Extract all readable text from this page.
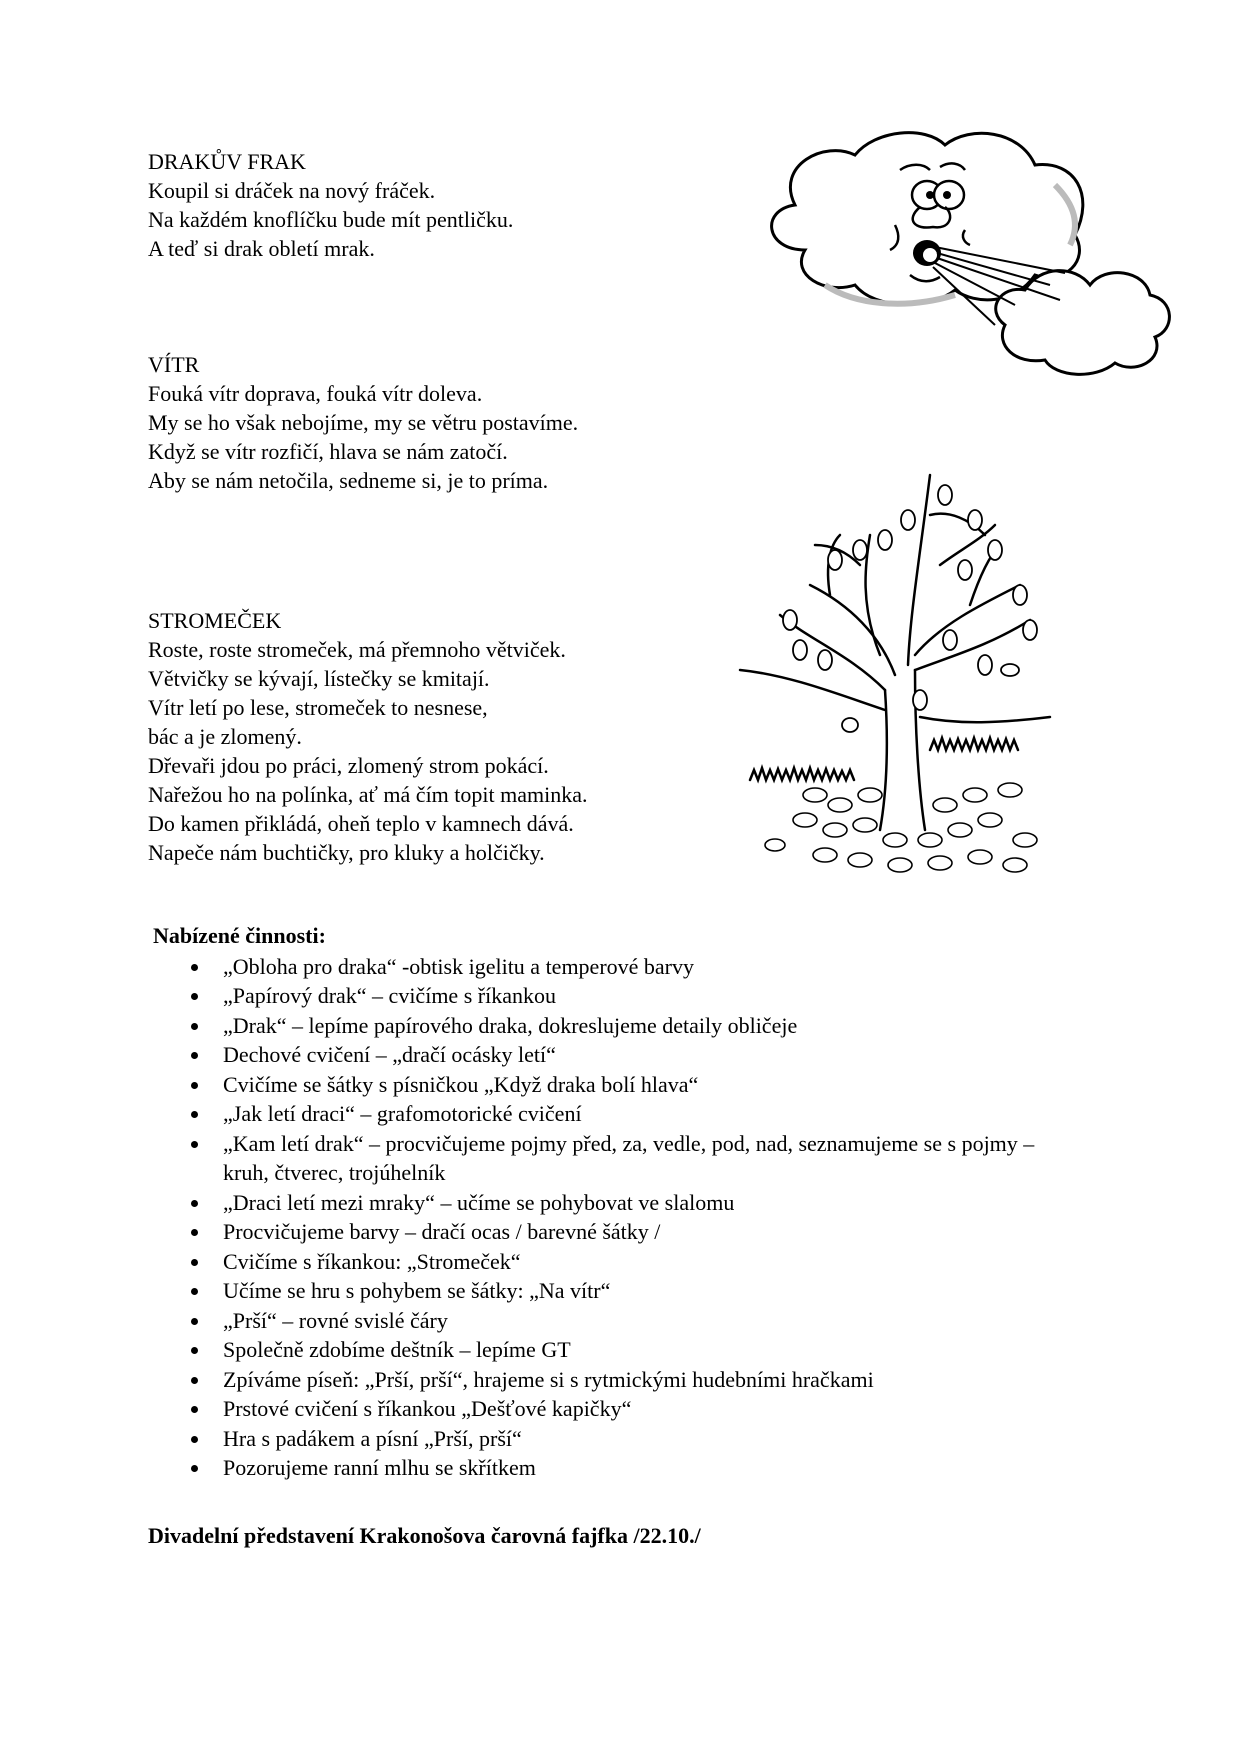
DRAKŮV FRAK
Koupil si dráček na nový fráček.
Na každém knoflíčku bude mít pentličku.
A teď si drak obletí mrak.
VÍTR
Fouká vítr doprava, fouká vítr doleva.
My se ho však nebojíme, my se větru postavíme.
Když se vítr rozfičí, hlava se nám zatočí.
Aby se nám netočila, sedneme si, je to príma.
STROMEČEK
Roste, roste stromeček, má přemnoho větviček.
Větvičky se kývají, lístečky se kmitají.
Vítr letí po lese, stromeček to nesnese,
bác a je zlomený.
Dřevaři jdou po práci, zlomený strom pokácí.
Nařežou ho na polínka, ať má čím topit maminka.
Do kamen přikládá, oheň teplo v kamnech dává.
Napeče nám buchtičky, pro kluky a holčičky.
Nabízené činnosti:
„Obloha pro draka“ -obtisk igelitu a temperové barvy
„Papírový drak“ – cvičíme s říkankou
„Drak“ – lepíme papírového draka, dokreslujeme detaily obličeje
Dechové cvičení – „dračí ocásky letí“
Cvičíme se šátky s písničkou „Když draka bolí hlava“
„Jak letí draci“ – grafomotorické cvičení
„Kam letí drak“ – procvičujeme pojmy před, za, vedle, pod, nad, seznamujeme se s pojmy – kruh, čtverec, trojúhelník
„Draci letí mezi mraky“ – učíme se pohybovat ve slalomu
Procvičujeme barvy – dračí ocas / barevné šátky /
Cvičíme s říkankou: „Stromeček“
Učíme se hru s pohybem se šátky: „Na vítr“
„Prší“ – rovné svislé čáry
Společně zdobíme deštník – lepíme GT
Zpíváme píseň: „Prší, prší“, hrajeme si s rytmickými hudebními hračkami
Prstové cvičení s říkankou „Dešťové kapičky“
Hra s padákem a písní „Prší, prší“
Pozorujeme ranní mlhu se skřítkem
Divadelní představení Krakonošova čarovná fajfka /22.10./
